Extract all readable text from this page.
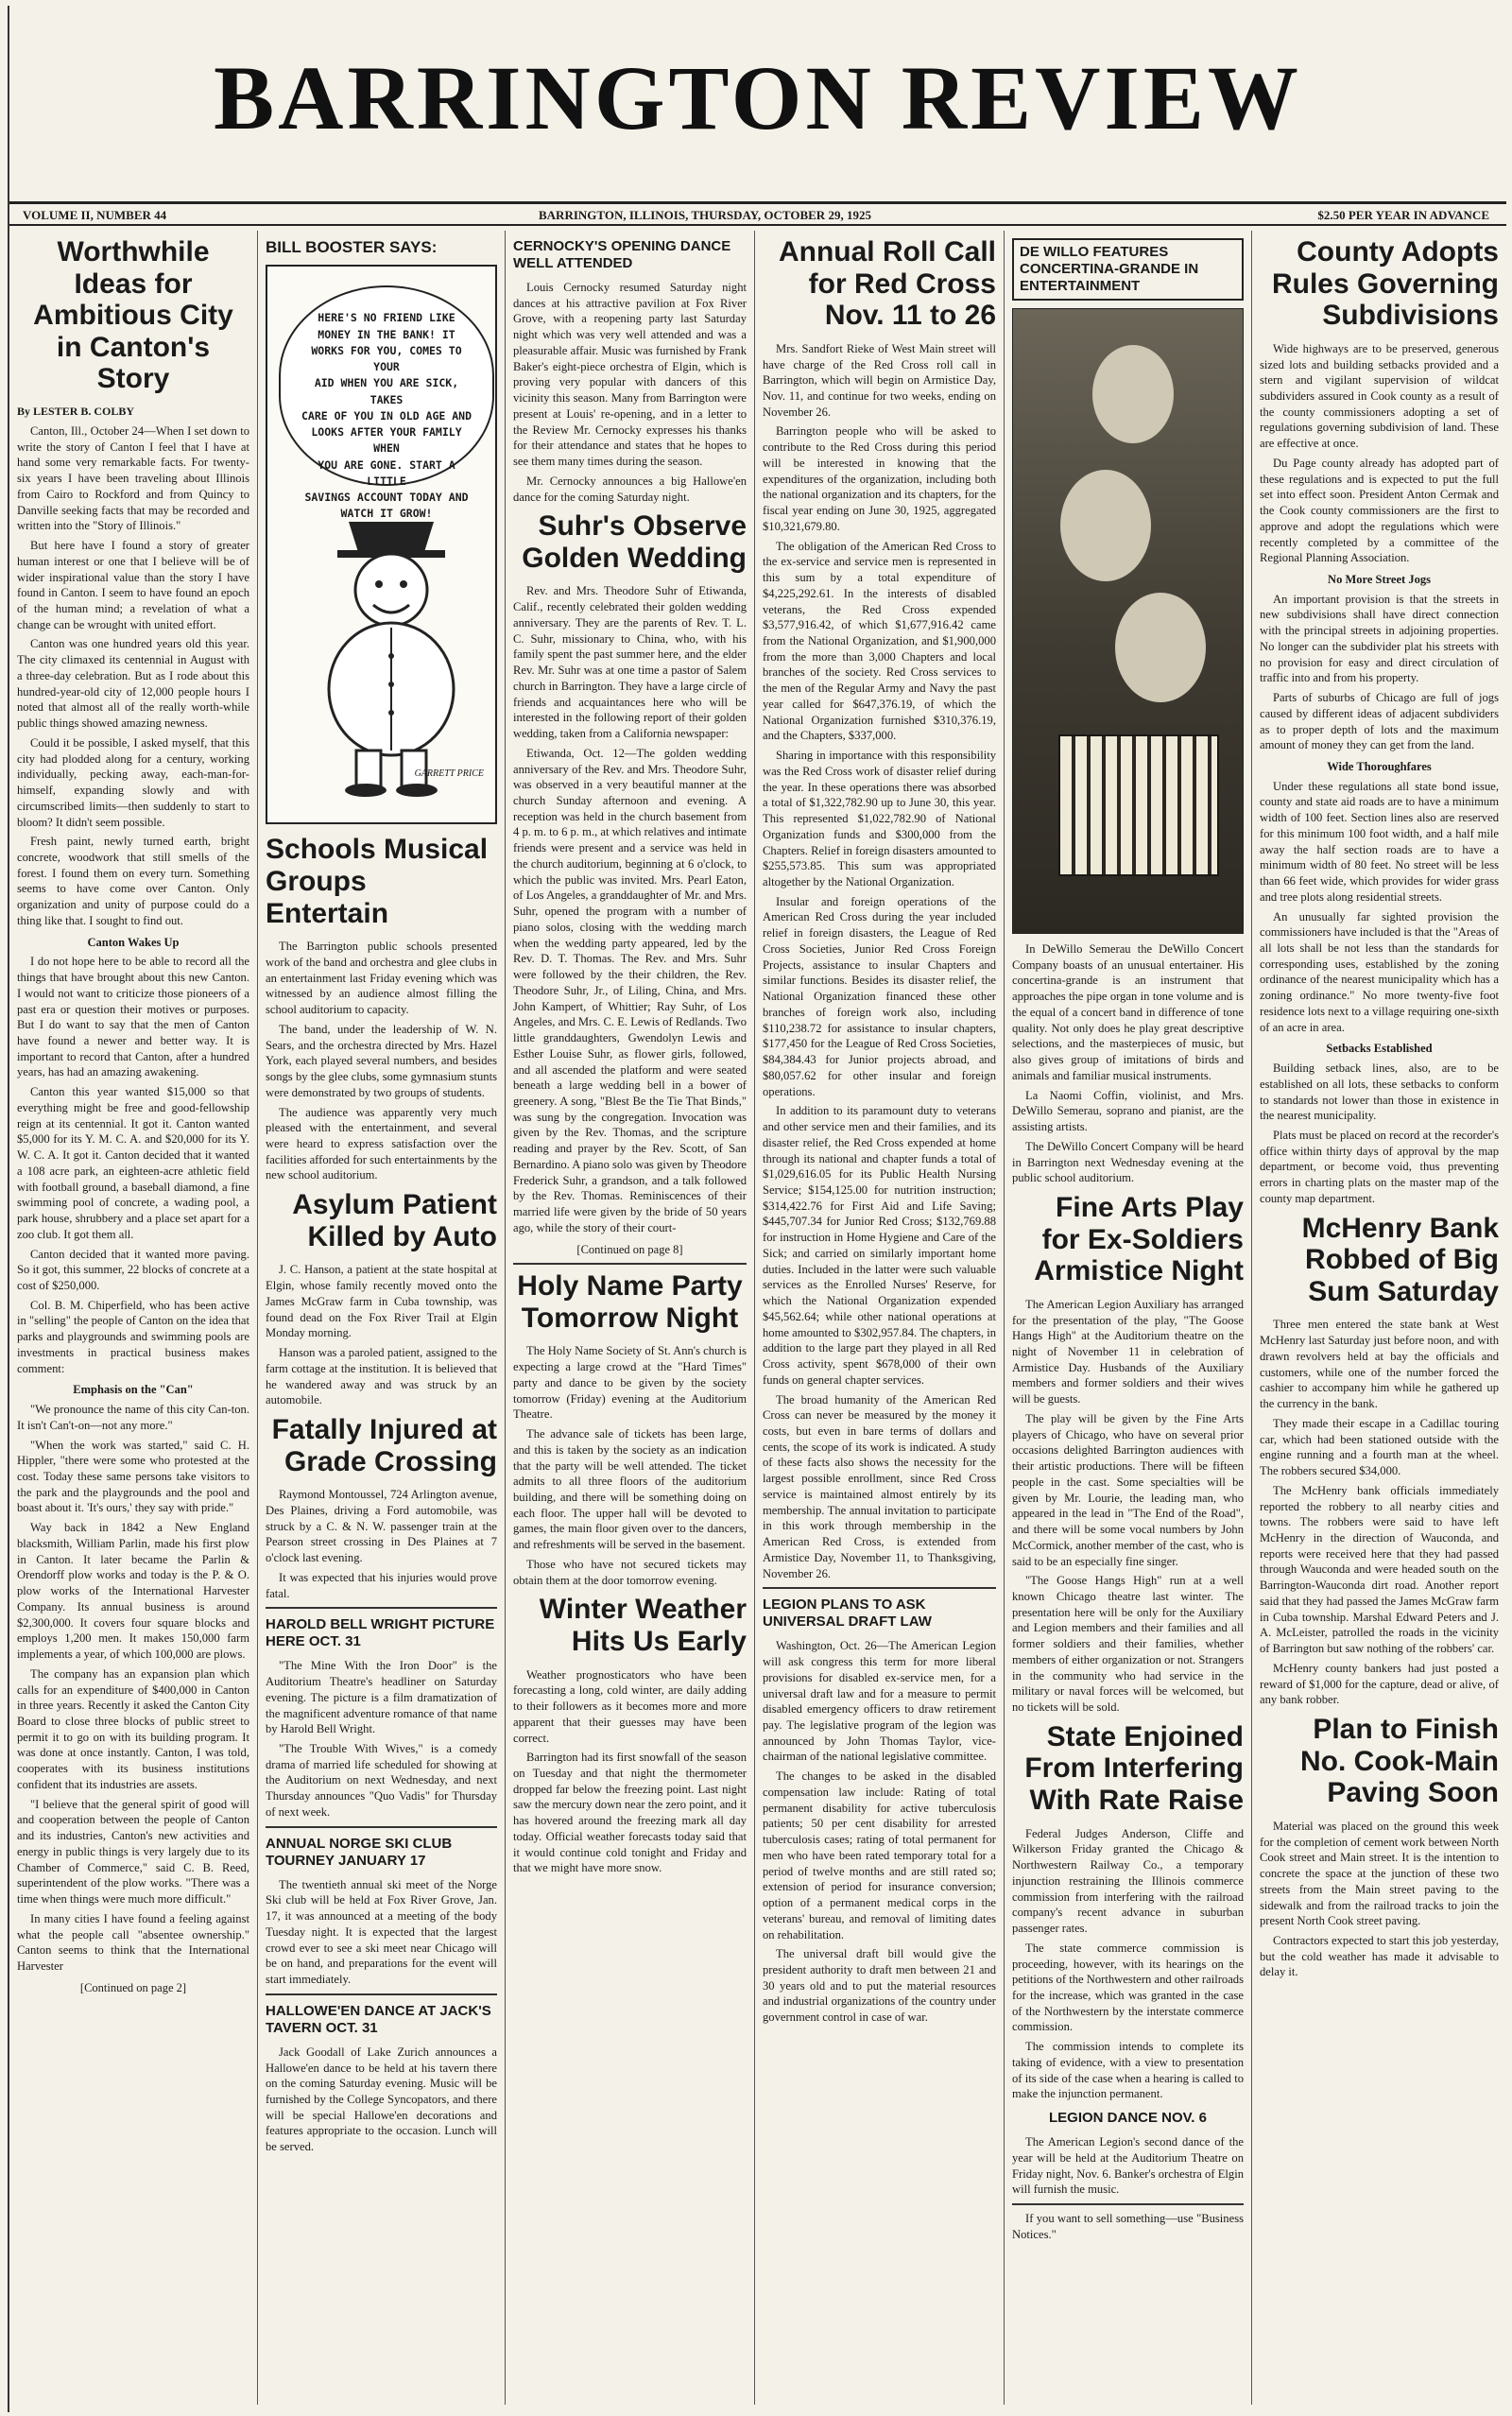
BARRINGTON REVIEW
VOLUME II, NUMBER 44	BARRINGTON, ILLINOIS, THURSDAY, OCTOBER 29, 1925	$2.50 PER YEAR IN ADVANCE
Worthwhile Ideas for Ambitious City in Canton's Story

By LESTER B. COLBY

Canton, Ill., October 24—When I set down to write the story of Canton I feel that I have at hand some very remarkable facts. For twenty-six years I have been traveling about Illinois from Cairo to Rockford and from Quincy to Danville seeking facts that may be recorded and written into the "Story of Illinois."

But here have I found a story of greater human interest or one that I believe will be of wider inspirational value than the story I have found in Canton. I seem to have found an epoch of the human mind; a revelation of what a change can be wrought with united effort.

Canton was one hundred years old this year. The city climaxed its centennial in August with a three-day celebration. But as I rode about this hundred-year-old city of 12,000 people hours I noted that almost all of the really worth-while public things showed amazing newness.

Could it be possible, I asked myself, that this city had plodded along for a century, working individually, pecking away, each-man-for-himself, expanding slowly and with circumscribed limits—then suddenly to start to bloom? It didn't seem possible.

Fresh paint, newly turned earth, bright concrete, woodwork that still smells of the forest. I found them on every turn. Something seems to have come over Canton. Only organization and unity of purpose could do a thing like that. I sought to find out.

Canton Wakes Up

I do not hope here to be able to record all the things that have brought about this new Canton. I would not want to criticize those pioneers of a past era or question their motives or purposes. But I do want to say that the men of Canton have found a newer and better way. It is important to record that Canton, after a hundred years, has had an amazing awakening.

Canton this year wanted $15,000 so that everything might be free and good-fellowship reign at its centennial. It got it. Canton wanted $5,000 for its Y. M. C. A. and $20,000 for its Y. W. C. A. It got it. Canton decided that it wanted a 108 acre park, an eighteen-acre athletic field with football ground, a baseball diamond, a fine swimming pool of concrete, a wading pool, a park house, shrubbery and a place set apart for a zoo club. It got them all.

Canton decided that it wanted more paving. So it got, this summer, 22 blocks of concrete at a cost of $250,000.

Col. B. M. Chiperfield, who has been active in "selling" the people of Canton on the idea that parks and playgrounds and swimming pools are investments in practical business makes comment:

Emphasis on the "Can"

"We pronounce the name of this city Can-ton. It isn't Can't-on—not any more."

"When the work was started," said C. H. Hippler, "there were some who protested at the cost. Today these same persons take visitors to the park and the playgrounds and the pool and boast about it. 'It's ours,' they say with pride."

Way back in 1842 a New England blacksmith, William Parlin, made his first plow in Canton. It later became the Parlin & Orendorff plow works and today is the P. & O. plow works of the International Harvester Company. Its annual business is around $2,300,000. It covers four square blocks and employs 1,200 men. It makes 150,000 farm implements a year, of which 100,000 are plows.

The company has an expansion plan which calls for an expenditure of $400,000 in Canton in three years. Recently it asked the Canton City Board to close three blocks of public street to permit it to go on with its building program. It was done at once instantly. Canton, I was told, cooperates with its business institutions confident that its industries are assets.

"I believe that the general spirit of good will and cooperation between the people of Canton and its industries, Canton's new activities and energy in public things is very largely due to its Chamber of Commerce," said C. B. Reed, superintendent of the plow works. "There was a time when things were much more difficult."

In many cities I have found a feeling against what the people call "absentee ownership." Canton seems to think that the International Harvester

[Continued on page 2]

BILL BOOSTER SAYS:
HERE'S NO FRIEND LIKE
MONEY IN THE BANK! IT
WORKS FOR YOU, COMES TO YOUR
AID WHEN YOU ARE SICK, TAKES
CARE OF YOU IN OLD AGE AND
LOOKS AFTER YOUR FAMILY WHEN
YOU ARE GONE. START A LITTLE
SAVINGS ACCOUNT TODAY AND
WATCH IT GROW!
GARRETT PRICE
Schools Musical Groups Entertain

The Barrington public schools presented work of the band and orchestra and glee clubs in an entertainment last Friday evening which was witnessed by an audience almost filling the school auditorium to capacity.

The band, under the leadership of W. N. Sears, and the orchestra directed by Mrs. Hazel York, each played several numbers, and besides songs by the glee clubs, some gymnasium stunts were demonstrated by two groups of students.

The audience was apparently very much pleased with the entertainment, and several were heard to express satisfaction over the facilities afforded for such entertainments by the new school auditorium.

Asylum Patient Killed by Auto

J. C. Hanson, a patient at the state hospital at Elgin, whose family recently moved onto the James McGraw farm in Cuba township, was found dead on the Fox River Trail at Elgin Monday morning.

Hanson was a paroled patient, assigned to the farm cottage at the institution. It is believed that he wandered away and was struck by an automobile.

Fatally Injured at Grade Crossing

Raymond Montoussel, 724 Arlington avenue, Des Plaines, driving a Ford automobile, was struck by a C. & N. W. passenger train at the Pearson street crossing in Des Plaines at 7 o'clock last evening.

It was expected that his injuries would prove fatal.

HAROLD BELL WRIGHT PICTURE HERE OCT. 31

"The Mine With the Iron Door" is the Auditorium Theatre's headliner on Saturday evening. The picture is a film dramatization of the magnificent adventure romance of that name by Harold Bell Wright.

"The Trouble With Wives," is a comedy drama of married life scheduled for showing at the Auditorium on next Wednesday, and next Thursday announces "Quo Vadis" for Thursday of next week.

ANNUAL NORGE SKI CLUB TOURNEY JANUARY 17

The twentieth annual ski meet of the Norge Ski club will be held at Fox River Grove, Jan. 17, it was announced at a meeting of the body Tuesday night. It is expected that the largest crowd ever to see a ski meet near Chicago will be on hand, and preparations for the event will start immediately.

HALLOWE'EN DANCE AT JACK'S TAVERN OCT. 31

Jack Goodall of Lake Zurich announces a Hallowe'en dance to be held at his tavern there on the coming Saturday evening. Music will be furnished by the College Syncopators, and there will be special Hallowe'en decorations and features appropriate to the occasion. Lunch will be served.

CERNOCKY'S OPENING DANCE WELL ATTENDED

Louis Cernocky resumed Saturday night dances at his attractive pavilion at Fox River Grove, with a reopening party last Saturday night which was very well attended and was a pleasurable affair. Music was furnished by Frank Baker's eight-piece orchestra of Elgin, which is proving very popular with dancers of this vicinity this season. Many from Barrington were present at Louis' re-opening, and in a letter to the Review Mr. Cernocky expresses his thanks for their attendance and states that he hopes to see them many times during the season.

Mr. Cernocky announces a big Hallowe'en dance for the coming Saturday night.

Suhr's Observe Golden Wedding

Rev. and Mrs. Theodore Suhr of Etiwanda, Calif., recently celebrated their golden wedding anniversary. They are the parents of Rev. T. L. C. Suhr, missionary to China, who, with his family spent the past summer here, and the elder Rev. Mr. Suhr was at one time a pastor of Salem church in Barrington. They have a large circle of friends and acquaintances here who will be interested in the following report of their golden wedding, taken from a California newspaper:

Etiwanda, Oct. 12—The golden wedding anniversary of the Rev. and Mrs. Theodore Suhr, was observed in a very beautiful manner at the church Sunday afternoon and evening. A reception was held in the church basement from 4 p. m. to 6 p. m., at which relatives and intimate friends were present and a service was held in the church auditorium, beginning at 6 o'clock, to which the public was invited. Mrs. Pearl Eaton, of Los Angeles, a granddaughter of Mr. and Mrs. Suhr, opened the program with a number of piano solos, closing with the wedding march when the wedding party appeared, led by the Rev. D. T. Thomas. The Rev. and Mrs. Suhr were followed by the their children, the Rev. Theodore Suhr, Jr., of Liling, China, and Mrs. John Kampert, of Whittier; Ray Suhr, of Los Angeles, and Mrs. C. E. Lewis of Redlands. Two little granddaughters, Gwendolyn Lewis and Esther Louise Suhr, as flower girls, followed, and all ascended the platform and were seated beneath a large wedding bell in a bower of greenery. A song, "Blest Be the Tie That Binds," was sung by the congregation. Invocation was given by the Rev. Thomas, and the scripture reading and prayer by the Rev. Scott, of San Bernardino. A piano solo was given by Theodore Frederick Suhr, a grandson, and a talk followed by the Rev. Thomas. Reminiscences of their married life were given by the bride of 50 years ago, while the story of their court-

[Continued on page 8]

Holy Name Party Tomorrow Night

The Holy Name Society of St. Ann's church is expecting a large crowd at the "Hard Times" party and dance to be given by the society tomorrow (Friday) evening at the Auditorium Theatre.

The advance sale of tickets has been large, and this is taken by the society as an indication that the party will be well attended. The ticket admits to all three floors of the auditorium building, and there will be something doing on each floor. The upper hall will be devoted to games, the main floor given over to the dancers, and refreshments will be served in the basement.

Those who have not secured tickets may obtain them at the door tomorrow evening.

Winter Weather Hits Us Early

Weather prognosticators who have been forecasting a long, cold winter, are daily adding to their followers as it becomes more and more apparent that their guesses may have been correct.

Barrington had its first snowfall of the season on Tuesday and that night the thermometer dropped far below the freezing point. Last night saw the mercury down near the zero point, and it has hovered around the freezing mark all day today. Official weather forecasts today said that it would continue cold tonight and Friday and that we might have more snow.

Annual Roll Call for Red Cross Nov. 11 to 26

Mrs. Sandfort Rieke of West Main street will have charge of the Red Cross roll call in Barrington, which will begin on Armistice Day, Nov. 11, and continue for two weeks, ending on November 26.

Barrington people who will be asked to contribute to the Red Cross during this period will be interested in knowing that the expenditures of the organization, including both the national organization and its chapters, for the fiscal year ending on June 30, 1925, aggregated $10,321,679.80.

The obligation of the American Red Cross to the ex-service and service men is represented in this sum by a total expenditure of $4,225,292.61. In the interests of disabled veterans, the Red Cross expended $3,577,916.42, of which $1,677,916.42 came from the National Organization, and $1,900,000 from the more than 3,000 Chapters and local branches of the society. Red Cross services to the men of the Regular Army and Navy the past year called for $647,376.19, of which the National Organization furnished $310,376.19, and the Chapters, $337,000.

Sharing in importance with this responsibility was the Red Cross work of disaster relief during the year. In these operations there was absorbed a total of $1,322,782.90 up to June 30, this year. This represented $1,022,782.90 of National Organization funds and $300,000 from the Chapters. Relief in foreign disasters amounted to $255,573.85. This sum was appropriated altogether by the National Organization.

Insular and foreign operations of the American Red Cross during the year included relief in foreign disasters, the League of Red Cross Societies, Junior Red Cross Foreign Projects, assistance to insular Chapters and similar functions. Besides its disaster relief, the National Organization financed these other branches of foreign work also, including $110,238.72 for assistance to insular chapters, $177,450 for the League of Red Cross Societies, $84,384.43 for Junior projects abroad, and $80,057.62 for other insular and foreign operations.

In addition to its paramount duty to veterans and other service men and their families, and its disaster relief, the Red Cross expended at home through its national and chapter funds a total of $1,029,616.05 for its Public Health Nursing Service; $154,125.00 for nutrition instruction; $314,422.76 for First Aid and Life Saving; $445,707.34 for Junior Red Cross; $132,769.88 for instruction in Home Hygiene and Care of the Sick; and carried on similarly important home duties. Included in the latter were such valuable services as the Enrolled Nurses' Reserve, for which the National Organization expended $45,562.64; while other national operations at home amounted to $302,957.84. The chapters, in addition to the large part they played in all Red Cross activity, spent $678,000 of their own funds on general chapter services.

The broad humanity of the American Red Cross can never be measured by the money it costs, but even in bare terms of dollars and cents, the scope of its work is indicated. A study of these facts also shows the necessity for the largest possible enrollment, since Red Cross service is maintained almost entirely by its membership. The annual invitation to participate in this work through membership in the American Red Cross, is extended from Armistice Day, November 11, to Thanksgiving, November 26.

LEGION PLANS TO ASK UNIVERSAL DRAFT LAW

Washington, Oct. 26—The American Legion will ask congress this term for more liberal provisions for disabled ex-service men, for a universal draft law and for a measure to permit disabled emergency officers to draw retirement pay. The legislative program of the legion was announced by John Thomas Taylor, vice-chairman of the national legislative committee.

The changes to be asked in the disabled compensation law include: Rating of total permanent disability for active tuberculosis patients; 50 per cent disability for arrested tuberculosis cases; rating of total permanent for men who have been rated temporary total for a period of twelve months and are still rated so; extension of period for insurance conversion; option of a permanent medical corps in the veterans' bureau, and removal of limiting dates on rehabilitation.

The universal draft bill would give the president authority to draft men between 21 and 30 years old and to put the material resources and industrial organizations of the country under government control in case of war.

DE WILLO FEATURES CONCERTINA-GRANDE IN ENTERTAINMENT

In DeWillo Semerau the DeWillo Concert Company boasts of an unusual entertainer. His concertina-grande is an instrument that approaches the pipe organ in tone volume and is the equal of a concert band in difference of tone quality. Not only does he play great descriptive selections, and the masterpieces of music, but also gives group of imitations of birds and animals and familiar musical instruments.

La Naomi Coffin, violinist, and Mrs. DeWillo Semerau, soprano and pianist, are the assisting artists.

The DeWillo Concert Company will be heard in Barrington next Wednesday evening at the public school auditorium.

Fine Arts Play for Ex-Soldiers Armistice Night

The American Legion Auxiliary has arranged for the presentation of the play, "The Goose Hangs High" at the Auditorium theatre on the night of November 11 in celebration of Armistice Day. Husbands of the Auxiliary members and former soldiers and their wives will be guests.

The play will be given by the Fine Arts players of Chicago, who have on several prior occasions delighted Barrington audiences with their artistic productions. There will be fifteen people in the cast. Some specialties will be given by Mr. Lourie, the leading man, who appeared in the lead in "The End of the Road", and there will be some vocal numbers by John McCormick, another member of the cast, who is said to be an especially fine singer.

"The Goose Hangs High" run at a well known Chicago theatre last winter. The presentation here will be only for the Auxiliary and Legion members and their families and all former soldiers and their families, whether members of either organization or not. Strangers in the community who had service in the military or naval forces will be welcomed, but no tickets will be sold.

State Enjoined From Interfering With Rate Raise

Federal Judges Anderson, Cliffe and Wilkerson Friday granted the Chicago & Northwestern Railway Co., a temporary injunction restraining the Illinois commerce commission from interfering with the railroad company's recent advance in suburban passenger rates.

The state commerce commission is proceeding, however, with its hearings on the petitions of the Northwestern and other railroads for the increase, which was granted in the case of the Northwestern by the interstate commerce commission.

The commission intends to complete its taking of evidence, with a view to presentation of its side of the case when a hearing is called to make the injunction permanent.

LEGION DANCE NOV. 6

The American Legion's second dance of the year will be held at the Auditorium Theatre on Friday night, Nov. 6. Banker's orchestra of Elgin will furnish the music.

If you want to sell something—use "Business Notices."

County Adopts Rules Governing Subdivisions

Wide highways are to be preserved, generous sized lots and building setbacks provided and a stern and vigilant supervision of wildcat subdividers assured in Cook county as a result of the county commissioners adopting a set of regulations governing subdivision of land. These are effective at once.

Du Page county already has adopted part of these regulations and is expected to put the full set into effect soon. President Anton Cermak and the Cook county commissioners are the first to approve and adopt the regulations which were recently completed by a committee of the Regional Planning Association.

No More Street Jogs

An important provision is that the streets in new subdivisions shall have direct connection with the principal streets in adjoining properties. No longer can the subdivider plat his streets with no provision for easy and direct circulation of traffic into and from his property.

Parts of suburbs of Chicago are full of jogs caused by different ideas of adjacent subdividers as to proper depth of lots and the maximum amount of money they can get from the land.

Wide Thoroughfares

Under these regulations all state bond issue, county and state aid roads are to have a minimum width of 100 feet. Section lines also are reserved for this minimum 100 foot width, and a half mile away the half section roads are to have a minimum width of 80 feet. No street will be less than 66 feet wide, which provides for wider grass and tree plots along residential streets.

An unusually far sighted provision the commissioners have included is that the "Areas of all lots shall be not less than the standards for corresponding uses, established by the zoning ordinance of the nearest municipality which has a zoning ordinance." No more twenty-five foot residence lots next to a village requiring one-sixth of an acre in area.

Setbacks Established

Building setback lines, also, are to be established on all lots, these setbacks to conform to standards not lower than those in existence in the nearest municipality.

Plats must be placed on record at the recorder's office within thirty days of approval by the map department, or become void, thus preventing errors in charting plats on the master map of the county map department.

McHenry Bank Robbed of Big Sum Saturday

Three men entered the state bank at West McHenry last Saturday just before noon, and with drawn revolvers held at bay the officials and customers, while one of the number forced the cashier to accompany him while he gathered up the currency in the bank.

They made their escape in a Cadillac touring car, which had been stationed outside with the engine running and a fourth man at the wheel. The robbers secured $34,000.

The McHenry bank officials immediately reported the robbery to all nearby cities and towns. The robbers were said to have left McHenry in the direction of Wauconda, and reports were received here that they had passed through Wauconda and were headed south on the Barrington-Wauconda dirt road. Another report said that they had passed the James McGraw farm in Cuba township. Marshal Edward Peters and J. A. McLeister, patrolled the roads in the vicinity of Barrington but saw nothing of the robbers' car.

McHenry county bankers had just posted a reward of $1,000 for the capture, dead or alive, of any bank robber.

Plan to Finish No. Cook-Main Paving Soon

Material was placed on the ground this week for the completion of cement work between North Cook street and Main street. It is the intention to concrete the space at the junction of these two streets from the Main street paving to the sidewalk and from the railroad tracks to join the present North Cook street paving.

Contractors expected to start this job yesterday, but the cold weather has made it advisable to delay it.
